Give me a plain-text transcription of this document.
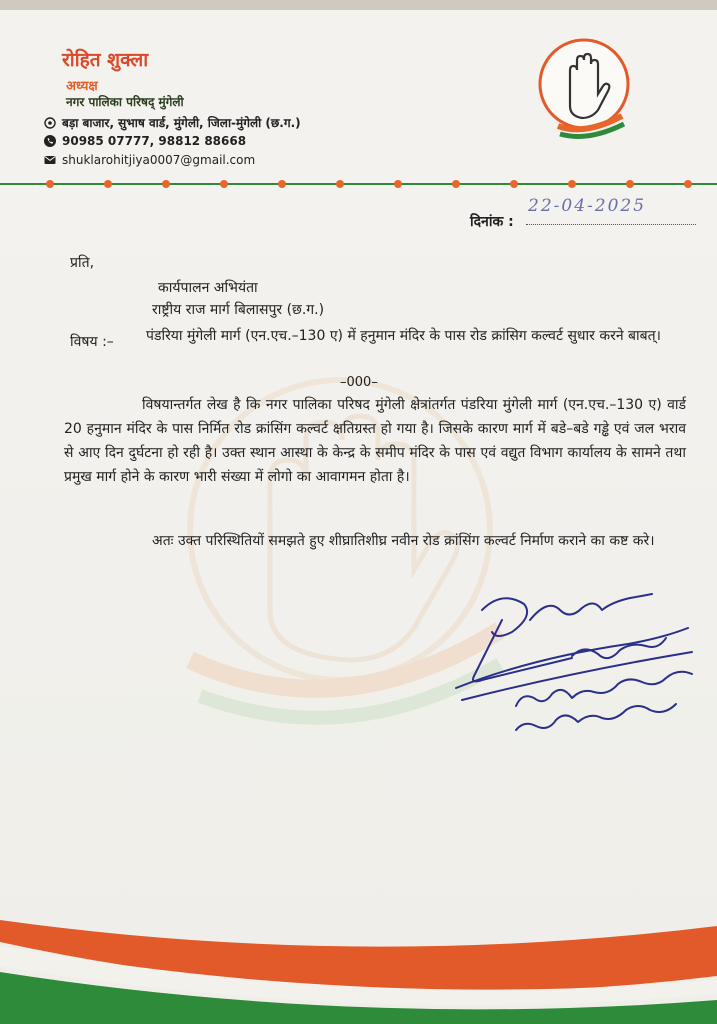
रोहित शुक्ला
अध्यक्ष
नगर पालिका परिषद् मुंगेली
बड़ा बाजार, सुभाष वार्ड, मुंगेली, जिला-मुंगेली (छ.ग.)
90985 07777, 98812 88668
shuklarohitjiya0007@gmail.com
दिनांक :
22-04-2025
प्रति,
कार्यपालन अभियंता
राष्ट्रीय राज मार्ग बिलासपुर (छ.ग.)
विषय :– पंडरिया मुंगेली मार्ग (एन.एच.–130 ए) में हनुमान मंदिर के पास रोड क्रांसिग कल्वर्ट सुधार करने बाबत्।
–000–
विषयान्तर्गत लेख है कि नगर पालिका परिषद मुंगेली क्षेत्रांतर्गत पंडरिया मुंगेली मार्ग (एन.एच.–130 ए) वार्ड 20 हनुमान मंदिर के पास निर्मित रोड क्रांसिंग कल्वर्ट क्षतिग्रस्त हो गया है। जिसके कारण मार्ग में बडे–बडे गड्ढे एवं जल भराव से आए दिन दुर्घटना हो रही है। उक्त स्थान आस्था के केन्द्र के समीप मंदिर के पास एवं वद्युत विभाग कार्यालय के सामने तथा प्रमुख मार्ग होने के कारण भारी संख्या में लोगो का आवागमन होता है।
अतः उक्त परिस्थितियों समझते हुए शीघ्रातिशीघ्र नवीन रोड क्रांसिंग कल्वर्ट निर्माण कराने का कष्ट करे।
